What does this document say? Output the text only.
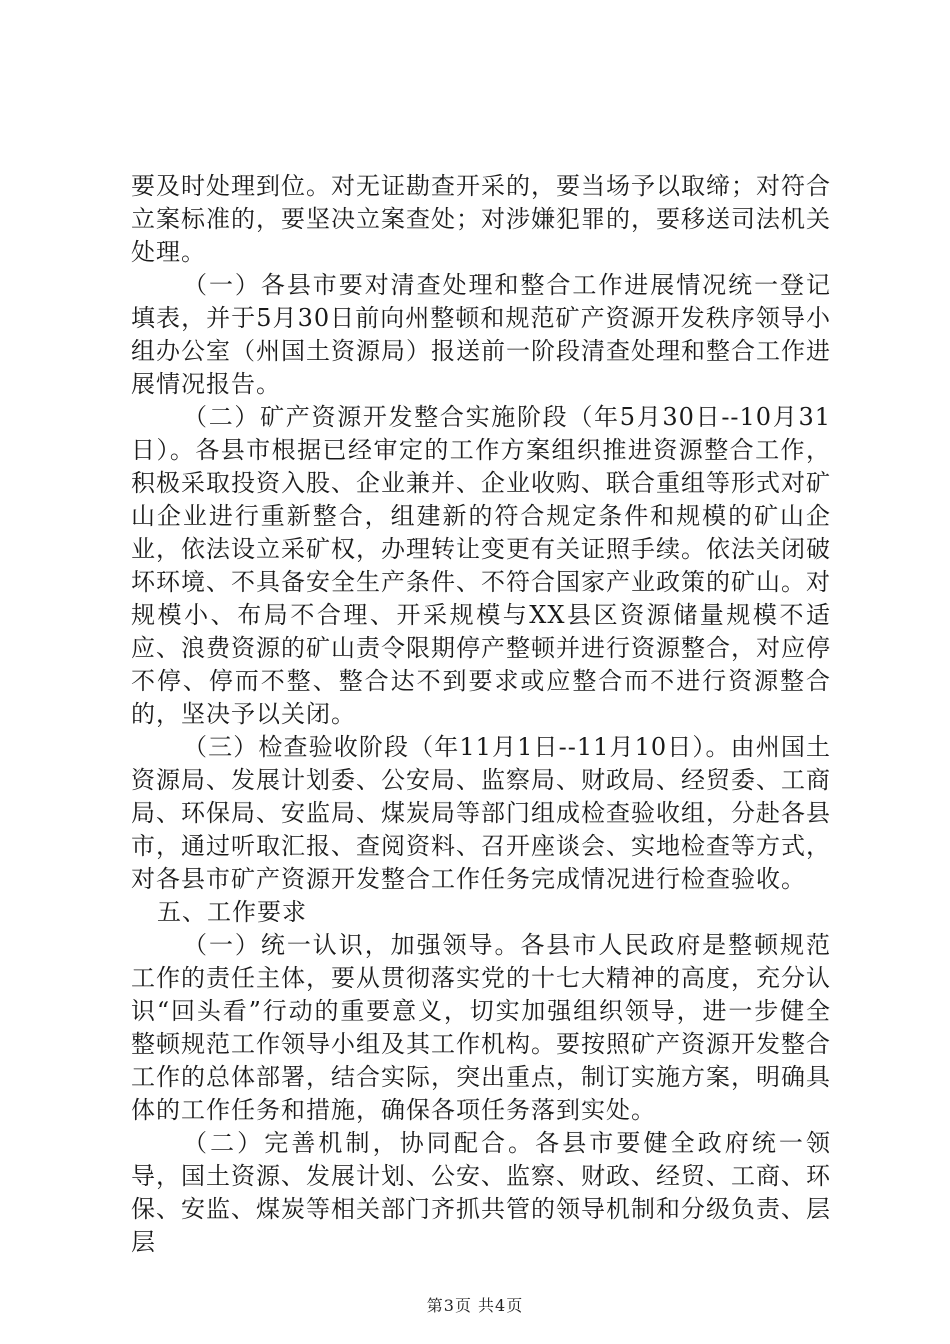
要及时处理到位。对无证勘查开采的，要当场予以取缔；对符合立案标准的，要坚决立案查处；对涉嫌犯罪的，要移送司法机关处理。

（一）各县市要对清查处理和整合工作进展情况统一登记填表，并于5月30日前向州整顿和规范矿产资源开发秩序领导小组办公室（州国土资源局）报送前一阶段清查处理和整合工作进展情况报告。

（二）矿产资源开发整合实施阶段（年5月30日--10月31日）。各县市根据已经审定的工作方案组织推进资源整合工作，积极采取投资入股、企业兼并、企业收购、联合重组等形式对矿山企业进行重新整合，组建新的符合规定条件和规模的矿山企业，依法设立采矿权，办理转让变更有关证照手续。依法关闭破坏环境、不具备安全生产条件、不符合国家产业政策的矿山。对规模小、布局不合理、开采规模与XX县区资源储量规模不适应、浪费资源的矿山责令限期停产整顿并进行资源整合，对应停不停、停而不整、整合达不到要求或应整合而不进行资源整合的，坚决予以关闭。

（三）检查验收阶段（年11月1日--11月10日）。由州国土资源局、发展计划委、公安局、监察局、财政局、经贸委、工商局、环保局、安监局、煤炭局等部门组成检查验收组，分赴各县市，通过听取汇报、查阅资料、召开座谈会、实地检查等方式，对各县市矿产资源开发整合工作任务完成情况进行检查验收。

五、工作要求

（一）统一认识，加强领导。各县市人民政府是整顿规范工作的责任主体，要从贯彻落实党的十七大精神的高度，充分认识“回头看”行动的重要意义，切实加强组织领导，进一步健全整顿规范工作领导小组及其工作机构。要按照矿产资源开发整合工作的总体部署，结合实际，突出重点，制订实施方案，明确具体的工作任务和措施，确保各项任务落到实处。

（二）完善机制，协同配合。各县市要健全政府统一领导，国土资源、发展计划、公安、监察、财政、经贸、工商、环保、安监、煤炭等相关部门齐抓共管的领导机制和分级负责、层层

第3页 共4页
